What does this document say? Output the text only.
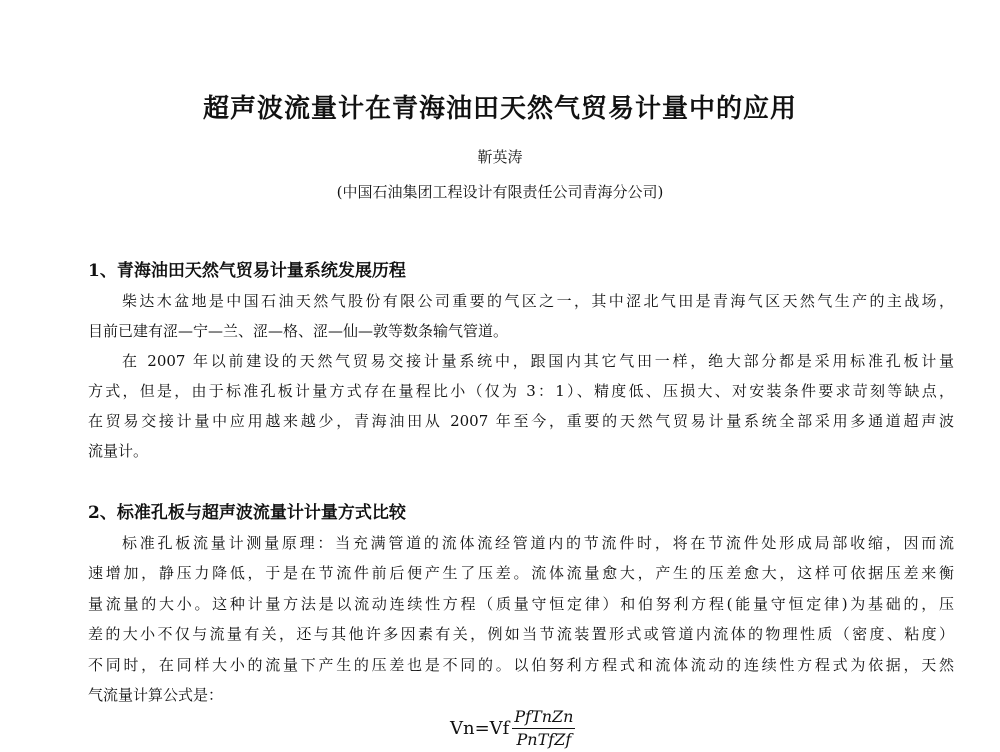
超声波流量计在青海油田天然气贸易计量中的应用
靳英涛
(中国石油集团工程设计有限责任公司青海分公司)
1、青海油田天然气贸易计量系统发展历程
柴达木盆地是中国石油天然气股份有限公司重要的气区之一，其中涩北气田是青海气区天然气生产的主战场，
目前已建有涩—宁—兰、涩—格、涩—仙—敦等数条输气管道。
在 2007 年以前建设的天然气贸易交接计量系统中，跟国内其它气田一样，绝大部分都是采用标准孔板计量
方式，但是，由于标准孔板计量方式存在量程比小（仅为 3：1）、精度低、压损大、对安装条件要求苛刻等缺点，
在贸易交接计量中应用越来越少，青海油田从 2007 年至今，重要的天然气贸易计量系统全部采用多通道超声波
流量计。
2、标准孔板与超声波流量计计量方式比较
标准孔板流量计测量原理：当充满管道的流体流经管道内的节流件时，将在节流件处形成局部收缩，因而流
速增加，静压力降低，于是在节流件前后便产生了压差。流体流量愈大，产生的压差愈大，这样可依据压差来衡
量流量的大小。这种计量方法是以流动连续性方程（质量守恒定律）和伯努利方程(能量守恒定律)为基础的，压
差的大小不仅与流量有关，还与其他许多因素有关，例如当节流装置形式或管道内流体的物理性质（密度、粘度）
不同时，在同样大小的流量下产生的压差也是不同的。以伯努利方程式和流体流动的连续性方程式为依据，天然
气流量计算公式是：
$Vn=Vf \frac{\text{PfTnZn}}{\text{PnTfZf}}$
